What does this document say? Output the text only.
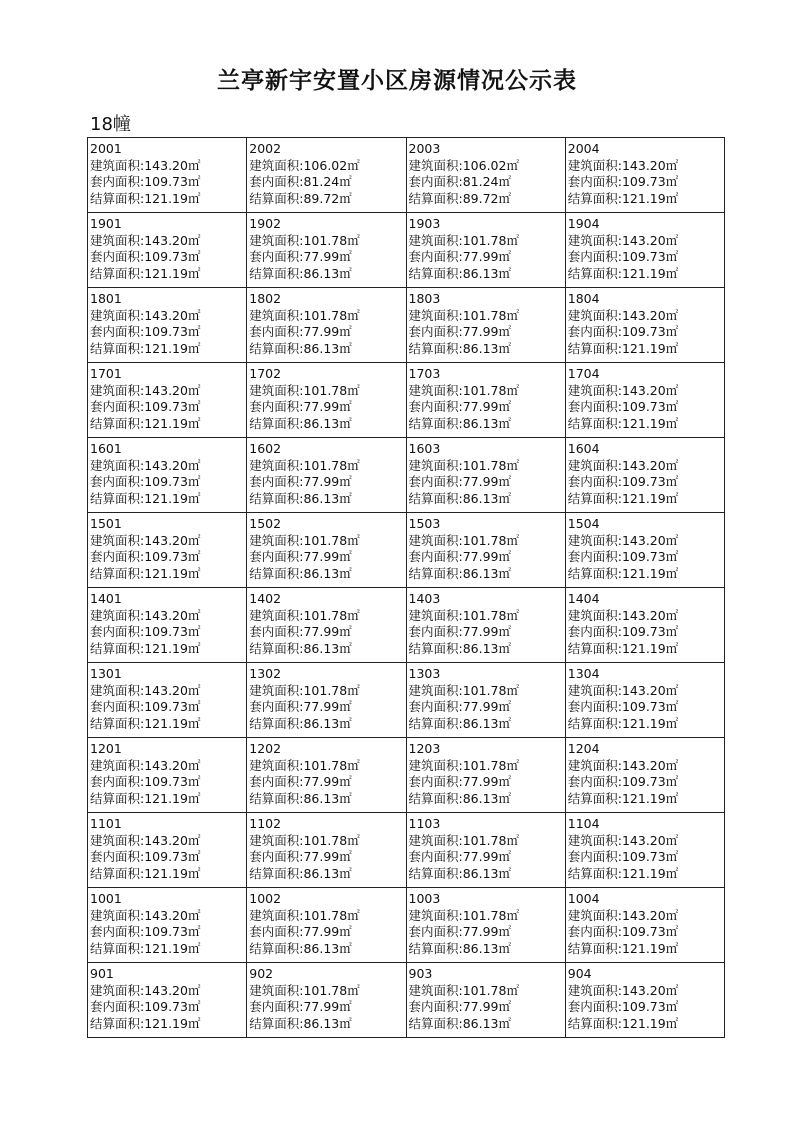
兰亭新宇安置小区房源情况公示表
18幢
2001
建筑面积:143.20㎡
套内面积:109.73㎡
结算面积:121.19㎡	2002
建筑面积:106.02㎡
套内面积:81.24㎡
结算面积:89.72㎡	2003
建筑面积:106.02㎡
套内面积:81.24㎡
结算面积:89.72㎡	2004
建筑面积:143.20㎡
套内面积:109.73㎡
结算面积:121.19㎡

1901
建筑面积:143.20㎡
套内面积:109.73㎡
结算面积:121.19㎡	1902
建筑面积:101.78㎡
套内面积:77.99㎡
结算面积:86.13㎡	1903
建筑面积:101.78㎡
套内面积:77.99㎡
结算面积:86.13㎡	1904
建筑面积:143.20㎡
套内面积:109.73㎡
结算面积:121.19㎡

1801
建筑面积:143.20㎡
套内面积:109.73㎡
结算面积:121.19㎡	1802
建筑面积:101.78㎡
套内面积:77.99㎡
结算面积:86.13㎡	1803
建筑面积:101.78㎡
套内面积:77.99㎡
结算面积:86.13㎡	1804
建筑面积:143.20㎡
套内面积:109.73㎡
结算面积:121.19㎡

1701
建筑面积:143.20㎡
套内面积:109.73㎡
结算面积:121.19㎡	1702
建筑面积:101.78㎡
套内面积:77.99㎡
结算面积:86.13㎡	1703
建筑面积:101.78㎡
套内面积:77.99㎡
结算面积:86.13㎡	1704
建筑面积:143.20㎡
套内面积:109.73㎡
结算面积:121.19㎡

1601
建筑面积:143.20㎡
套内面积:109.73㎡
结算面积:121.19㎡	1602
建筑面积:101.78㎡
套内面积:77.99㎡
结算面积:86.13㎡	1603
建筑面积:101.78㎡
套内面积:77.99㎡
结算面积:86.13㎡	1604
建筑面积:143.20㎡
套内面积:109.73㎡
结算面积:121.19㎡

1501
建筑面积:143.20㎡
套内面积:109.73㎡
结算面积:121.19㎡	1502
建筑面积:101.78㎡
套内面积:77.99㎡
结算面积:86.13㎡	1503
建筑面积:101.78㎡
套内面积:77.99㎡
结算面积:86.13㎡	1504
建筑面积:143.20㎡
套内面积:109.73㎡
结算面积:121.19㎡

1401
建筑面积:143.20㎡
套内面积:109.73㎡
结算面积:121.19㎡	1402
建筑面积:101.78㎡
套内面积:77.99㎡
结算面积:86.13㎡	1403
建筑面积:101.78㎡
套内面积:77.99㎡
结算面积:86.13㎡	1404
建筑面积:143.20㎡
套内面积:109.73㎡
结算面积:121.19㎡

1301
建筑面积:143.20㎡
套内面积:109.73㎡
结算面积:121.19㎡	1302
建筑面积:101.78㎡
套内面积:77.99㎡
结算面积:86.13㎡	1303
建筑面积:101.78㎡
套内面积:77.99㎡
结算面积:86.13㎡	1304
建筑面积:143.20㎡
套内面积:109.73㎡
结算面积:121.19㎡

1201
建筑面积:143.20㎡
套内面积:109.73㎡
结算面积:121.19㎡	1202
建筑面积:101.78㎡
套内面积:77.99㎡
结算面积:86.13㎡	1203
建筑面积:101.78㎡
套内面积:77.99㎡
结算面积:86.13㎡	1204
建筑面积:143.20㎡
套内面积:109.73㎡
结算面积:121.19㎡

1101
建筑面积:143.20㎡
套内面积:109.73㎡
结算面积:121.19㎡	1102
建筑面积:101.78㎡
套内面积:77.99㎡
结算面积:86.13㎡	1103
建筑面积:101.78㎡
套内面积:77.99㎡
结算面积:86.13㎡	1104
建筑面积:143.20㎡
套内面积:109.73㎡
结算面积:121.19㎡

1001
建筑面积:143.20㎡
套内面积:109.73㎡
结算面积:121.19㎡	1002
建筑面积:101.78㎡
套内面积:77.99㎡
结算面积:86.13㎡	1003
建筑面积:101.78㎡
套内面积:77.99㎡
结算面积:86.13㎡	1004
建筑面积:143.20㎡
套内面积:109.73㎡
结算面积:121.19㎡

901
建筑面积:143.20㎡
套内面积:109.73㎡
结算面积:121.19㎡	902
建筑面积:101.78㎡
套内面积:77.99㎡
结算面积:86.13㎡	903
建筑面积:101.78㎡
套内面积:77.99㎡
结算面积:86.13㎡	904
建筑面积:143.20㎡
套内面积:109.73㎡
结算面积:121.19㎡
